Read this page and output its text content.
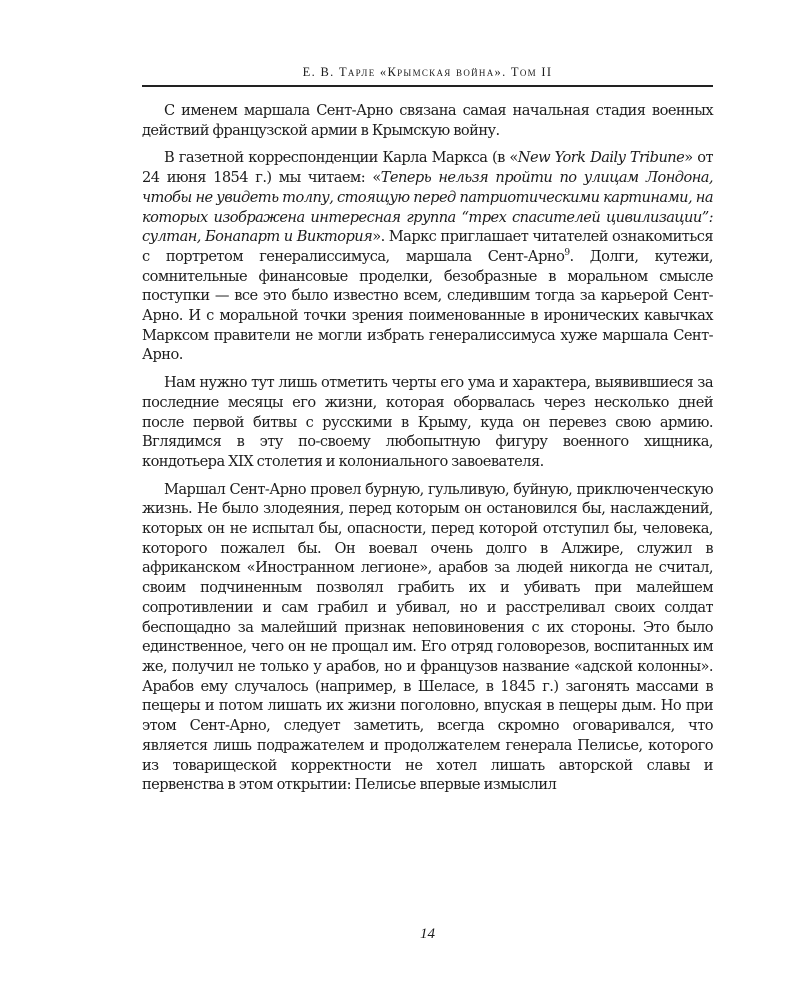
Е. В. Тарле «Крымская война». Том II

С именем маршала Сент-Арно связана самая начальная стадия военных действий французской армии в Крымскую войну.

В газетной корреспонденции Карла Маркса (в «New York Daily Tribune» от 24 июня 1854 г.) мы читаем: «Теперь нельзя пройти по улицам Лондона, чтобы не увидеть толпу, стоящую перед патриотическими картинами, на которых изображена интересная группа “трех спасителей цивилизации”: султан, Бонапарт и Виктория». Маркс приглашает читателей ознакомиться с портретом генералиссимуса, маршала Сент-Арно$^9$. Долги, кутежи, сомнительные финансовые проделки, безобразные в моральном смысле поступки — все это было известно всем, следившим тогда за карьерой Сент-Арно. И с моральной точки зрения поименованные в иронических кавычках Марксом правители не могли избрать генералиссимуса хуже маршала Сент-Арно.

Нам нужно тут лишь отметить черты его ума и характера, выявившиеся за последние месяцы его жизни, которая оборвалась через несколько дней после первой битвы с русскими в Крыму, куда он перевез свою армию. Вглядимся в эту по-своему любопытную фигуру военного хищника, кондотьера XIX столетия и колониального завоевателя.

Маршал Сент-Арно провел бурную, гульливую, буйную, приключенческую жизнь. Не было злодеяния, перед которым он остановился бы, наслаждений, которых он не испытал бы, опасности, перед которой отступил бы, человека, которого пожалел бы. Он воевал очень долго в Алжире, служил в африканском «Иностранном легионе», арабов за людей никогда не считал, своим подчиненным позволял грабить их и убивать при малейшем сопротивлении и сам грабил и убивал, но и расстреливал своих солдат беспощадно за малейший признак неповиновения с их стороны. Это было единственное, чего он не прощал им. Его отряд головорезов, воспитанных им же, получил не только у арабов, но и французов название «адской колонны». Арабов ему случалось (например, в Шеласе, в 1845 г.) загонять массами в пещеры и потом лишать их жизни поголовно, впуская в пещеры дым. Но при этом Сент-Арно, следует заметить, всегда скромно оговаривался, что является лишь подражателем и продолжателем генерала Пелисье, которого из товарищеской корректности не хотел лишать авторской славы и первенства в этом открытии: Пелисье впервые измыслил

14
